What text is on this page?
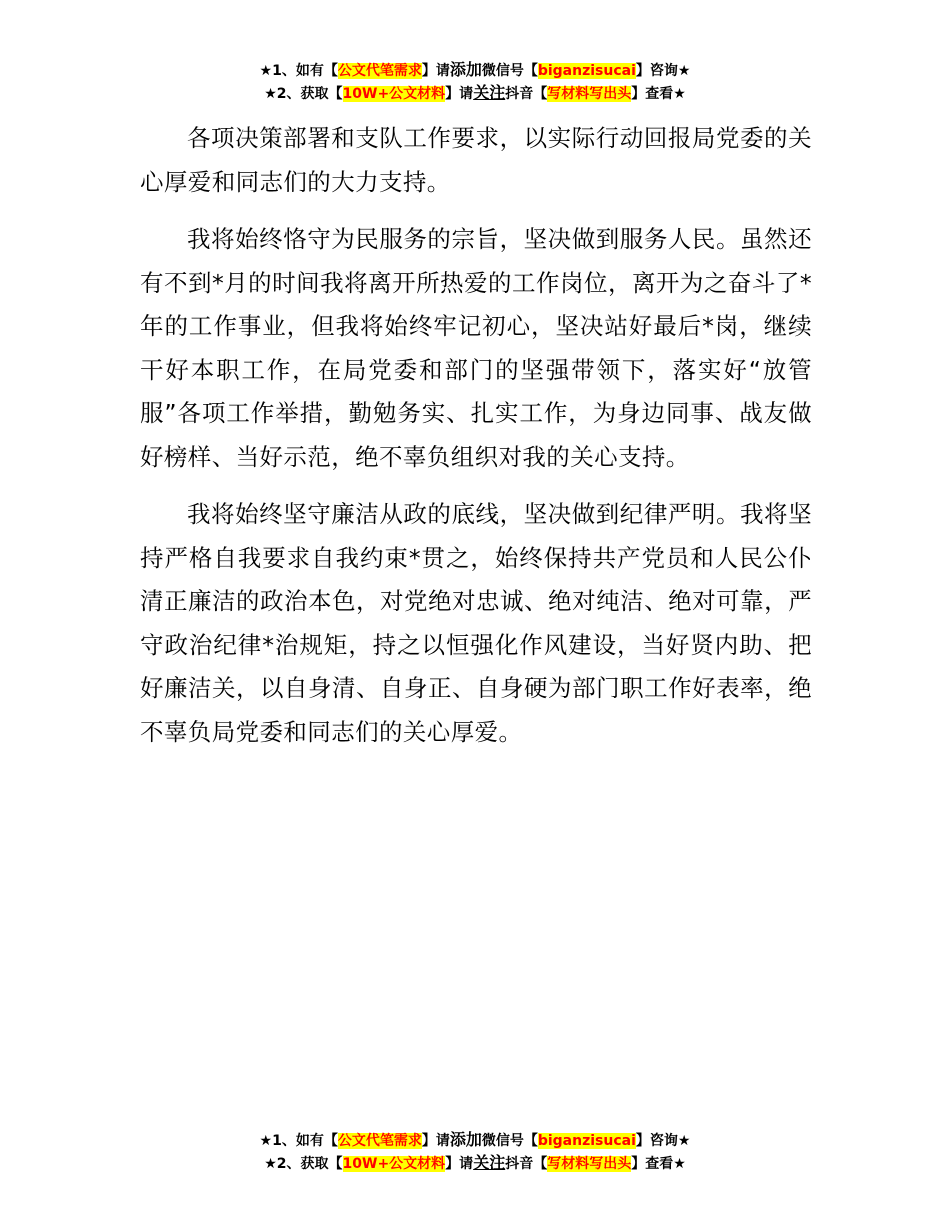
★1、如有【公文代笔需求】请添加微信号【biganzisucai】咨询★
★2、获取【10W+公文材料】请关注抖音【写材料写出头】查看★

各项决策部署和支队工作要求，以实际行动回报局党委的关心厚爱和同志们的大力支持。

我将始终恪守为民服务的宗旨，坚决做到服务人民。虽然还有不到*月的时间我将离开所热爱的工作岗位，离开为之奋斗了*年的工作事业，但我将始终牢记初心，坚决站好最后*岗，继续干好本职工作，在局党委和部门的坚强带领下，落实好“放管服”各项工作举措，勤勉务实、扎实工作，为身边同事、战友做好榜样、当好示范，绝不辜负组织对我的关心支持。

我将始终坚守廉洁从政的底线，坚决做到纪律严明。我将坚持严格自我要求自我约束*贯之，始终保持共产党员和人民公仆清正廉洁的政治本色，对党绝对忠诚、绝对纯洁、绝对可靠，严守政治纪律*治规矩，持之以恒强化作风建设，当好贤内助、把好廉洁关，以自身清、自身正、自身硬为部门职工作好表率，绝不辜负局党委和同志们的关心厚爱。

★1、如有【公文代笔需求】请添加微信号【biganzisucai】咨询★
★2、获取【10W+公文材料】请关注抖音【写材料写出头】查看★
